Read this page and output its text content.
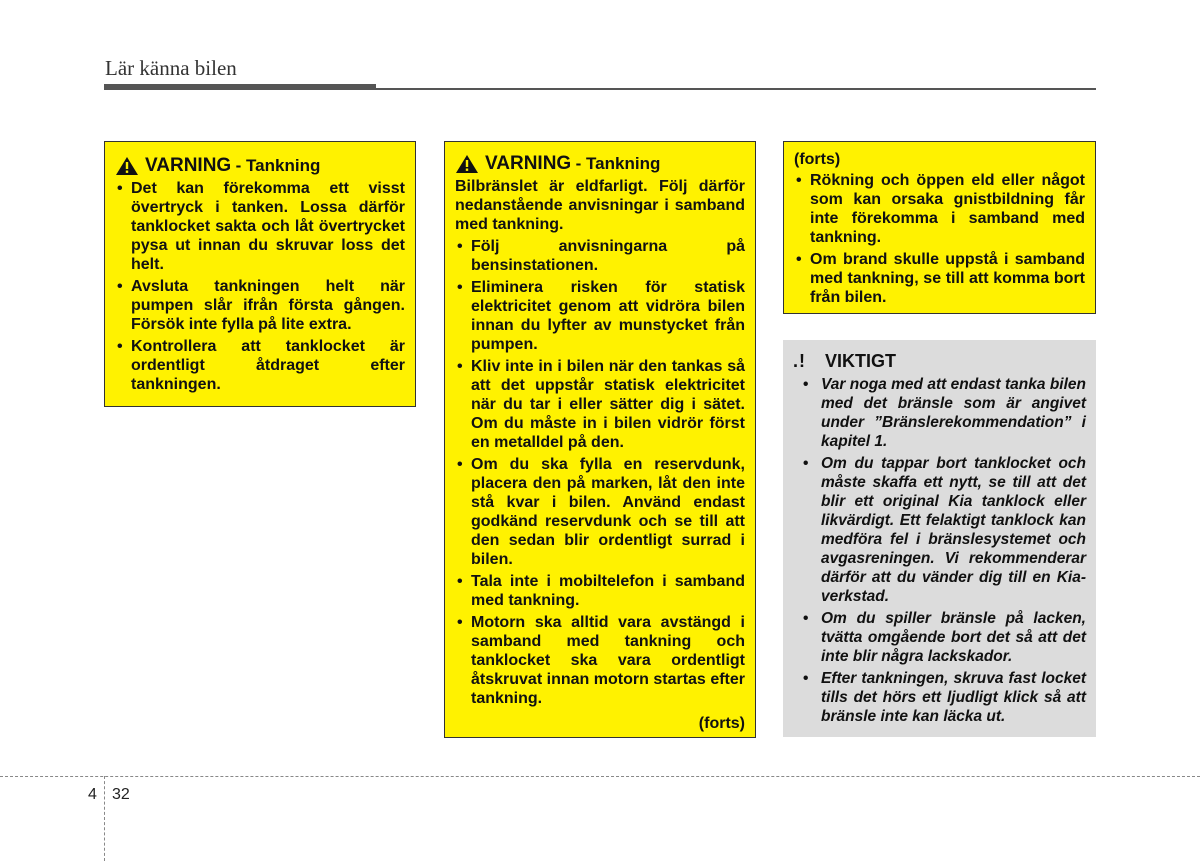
Lär känna bilen
VARNING - Tankning
• Det kan förekomma ett visst övertryck i tanken. Lossa därför tanklocket sakta och låt övertrycket pysa ut innan du skruvar loss det helt.
• Avsluta tankningen helt när pumpen slår ifrån första gången. Försök inte fylla på lite extra.
• Kontrollera att tanklocket är ordentligt åtdraget efter tankningen.
VARNING - Tankning

Bilbränslet är eldfarligt. Följ därför nedanstående anvisningar i samband med tankning.

• Följ anvisningarna på bensinstationen.
• Eliminera risken för statisk elektricitet genom att vidröra bilen innan du lyfter av munstycket från pumpen.
• Kliv inte in i bilen när den tankas så att det uppstår statisk elektricitet när du tar i eller sätter dig i sätet. Om du måste in i bilen vidrör först en metalldel på den.
• Om du ska fylla en reservdunk, placera den på marken, låt den inte stå kvar i bilen. Använd endast godkänd reservdunk och se till att den sedan blir ordentligt surrad i bilen.
• Tala inte i mobiltelefon i samband med tankning.
• Motorn ska alltid vara avstängd i samband med tankning och tanklocket ska vara ordentligt åtskruvat innan motorn startas efter tankning.
(forts)
(forts)
• Rökning och öppen eld eller något som kan orsaka gnistbildning får inte förekomma i samband med tankning.
• Om brand skulle uppstå i samband med tankning, se till att komma bort från bilen.
.!	VIKTIGT
• Var noga med att endast tanka bilen med det bränsle som är angivet under ”Bränslerekommendation” i kapitel 1.
• Om du tappar bort tanklocket och måste skaffa ett nytt, se till att det blir ett original Kia tanklock eller likvärdigt. Ett felaktigt tanklock kan medföra fel i bränslesystemet och avgasreningen. Vi rekommenderar därför att du vänder dig till en Kia-verkstad.
• Om du spiller bränsle på lacken, tvätta omgående bort det så att det inte blir några lackskador.
• Efter tankningen, skruva fast locket tills det hörs ett ljudligt klick så att bränsle inte kan läcka ut.
4 32
